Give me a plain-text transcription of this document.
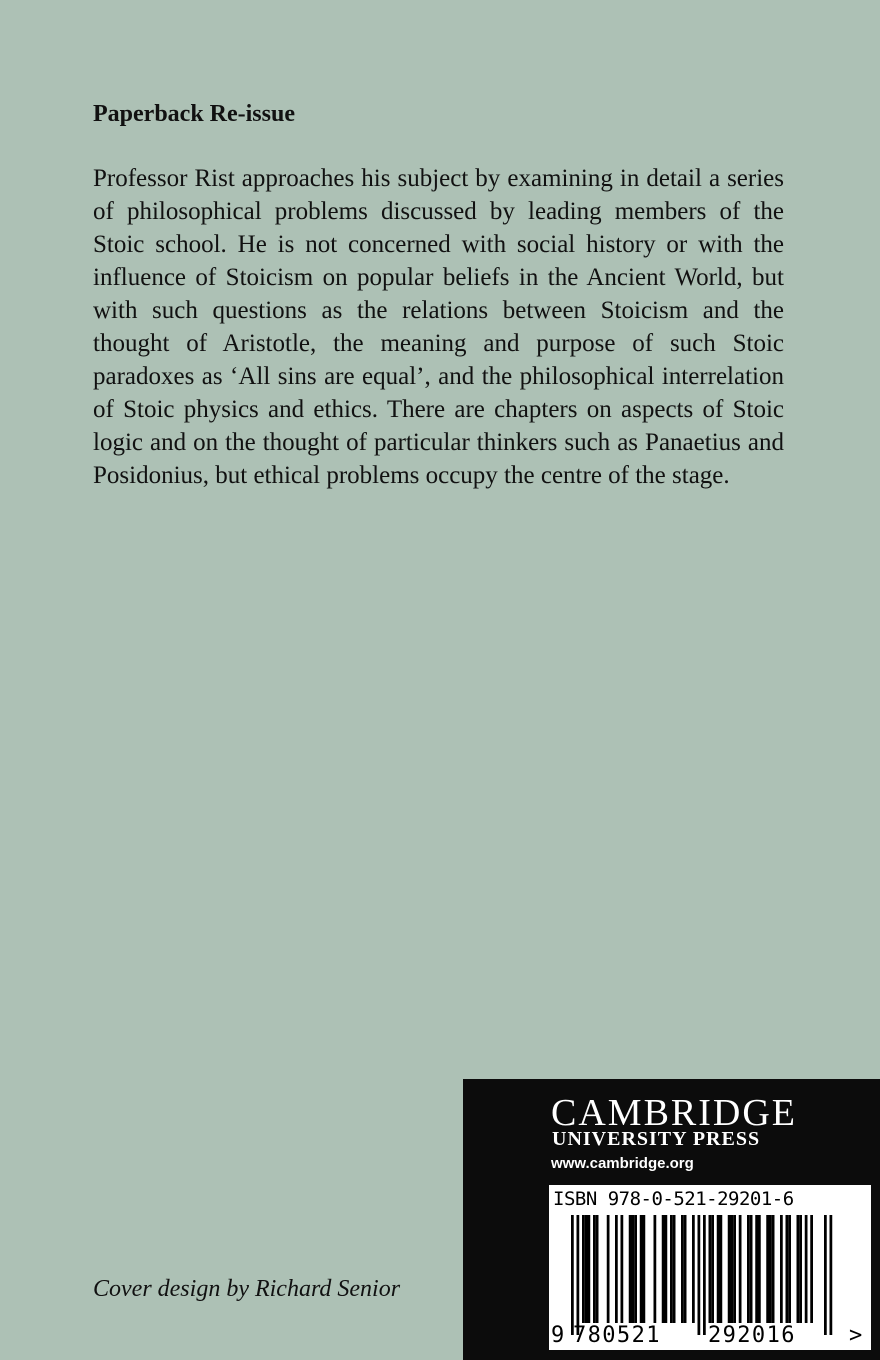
Paperback Re-issue

Professor Rist approaches his subject by examining in detail a series of philosophical problems discussed by leading members of the Stoic school. He is not concerned with social history or with the influence of Stoicism on popular beliefs in the Ancient World, but with such questions as the relations between Stoicism and the thought of Aristotle, the meaning and purpose of such Stoic paradoxes as ‘All sins are equal’, and the philosophical interrelation of Stoic physics and ethics. There are chapters on aspects of Stoic logic and on the thought of particular thinkers such as Panaetius and Posidonius, but ethical problems occupy the centre of the stage.

Cover design by Richard Senior
CAMBRIDGE
UNIVERSITY PRESS
www.cambridge.org
ISBN 978-0-521-29201-6
9 780521 292016 >
